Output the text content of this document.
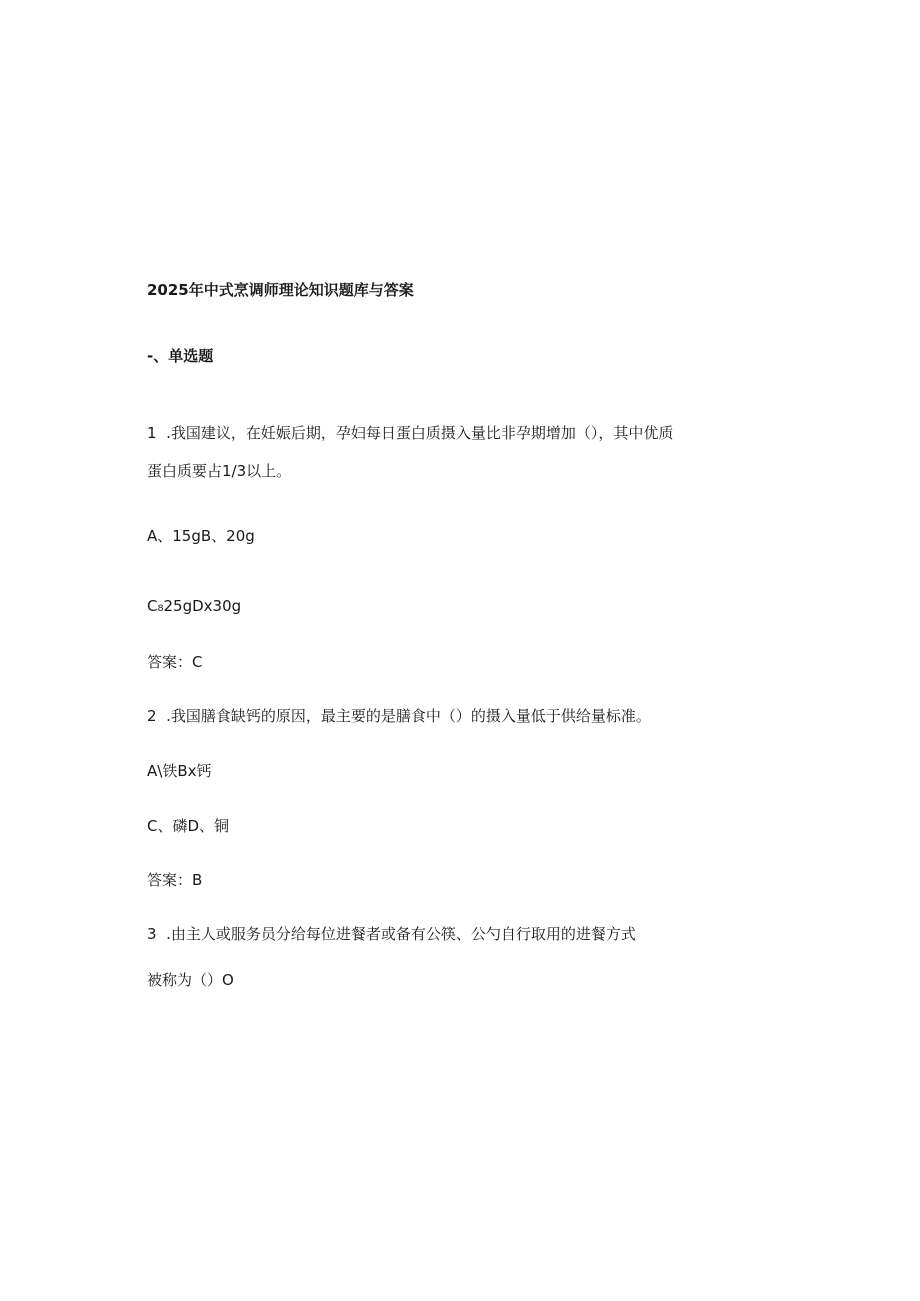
2025年中式烹调师理论知识题库与答案
-、单选题
1  .我国建议，在妊娠后期，孕妇每日蛋白质摄入量比非孕期增加（），其中优质
蛋白质要占1/3以上。
A、15gB、20g
C₈25gDx30g
答案：C
2  .我国膳食缺钙的原因，最主要的是膳食中（）的摄入量低于供给量标准。
A\铁Bx钙
C、磷D、铜
答案：B
3  .由主人或服务员分给每位进餐者或备有公筷、公勺自行取用的进餐方式
被称为（）O
